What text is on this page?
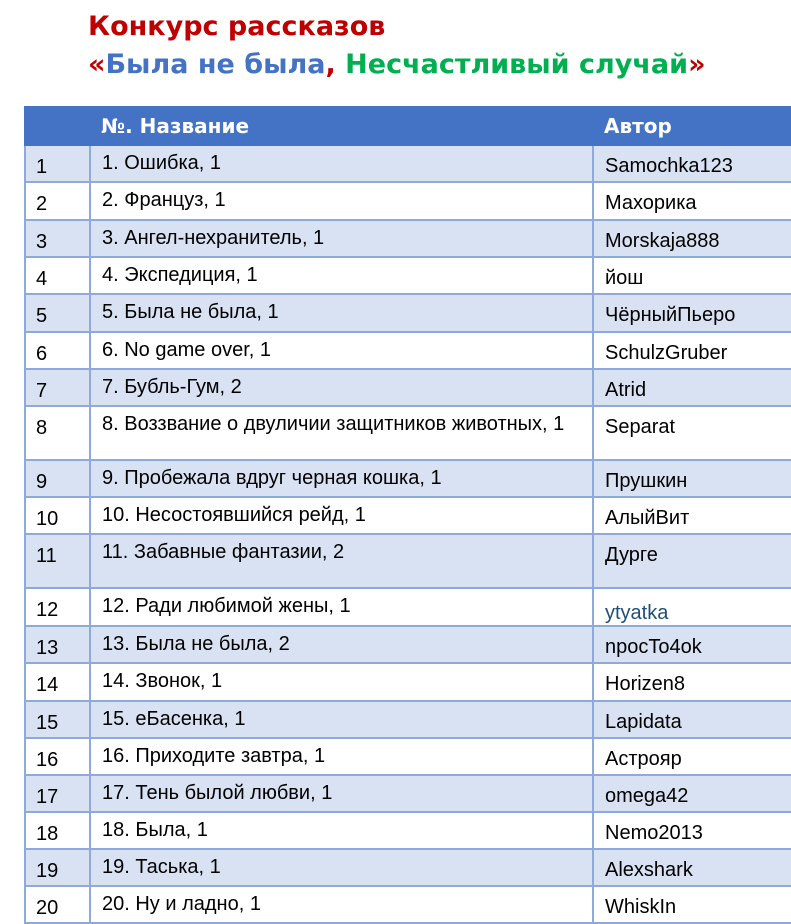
Конкурс рассказов
«Была не была, Несчастливый случай»
	№. Название	Автор
1	1. Ошибка, 1	Samochka123
2	2. Француз, 1	Махорика
3	3. Ангел-нехранитель, 1	Morskaja888
4	4. Экспедиция, 1	йош
5	5. Была не была, 1	ЧёрныйПьеро
6	6. No game over, 1	SchulzGruber
7	7. Бубль-Гум, 2	Atrid
8	8. Воззвание о двуличии защитников животных, 1	Separat
9	9. Пробежала вдруг черная кошка, 1	Прушкин
10	10. Несостоявшийся рейд, 1	АлыйВит
11	11. Забавные фантазии, 2	Дурге
12	12. Ради любимой жены, 1	ytyatka
13	13. Была не была, 2	npocTo4ok
14	14. Звонок, 1	Horizen8
15	15. еБасенка, 1	Lapidata
16	16. Приходите завтра, 1	Астрояр
17	17. Тень былой любви, 1	omega42
18	18. Была, 1	Nemo2013
19	19. Таська, 1	Alexshark
20	20. Ну и ладно, 1	WhiskIn
